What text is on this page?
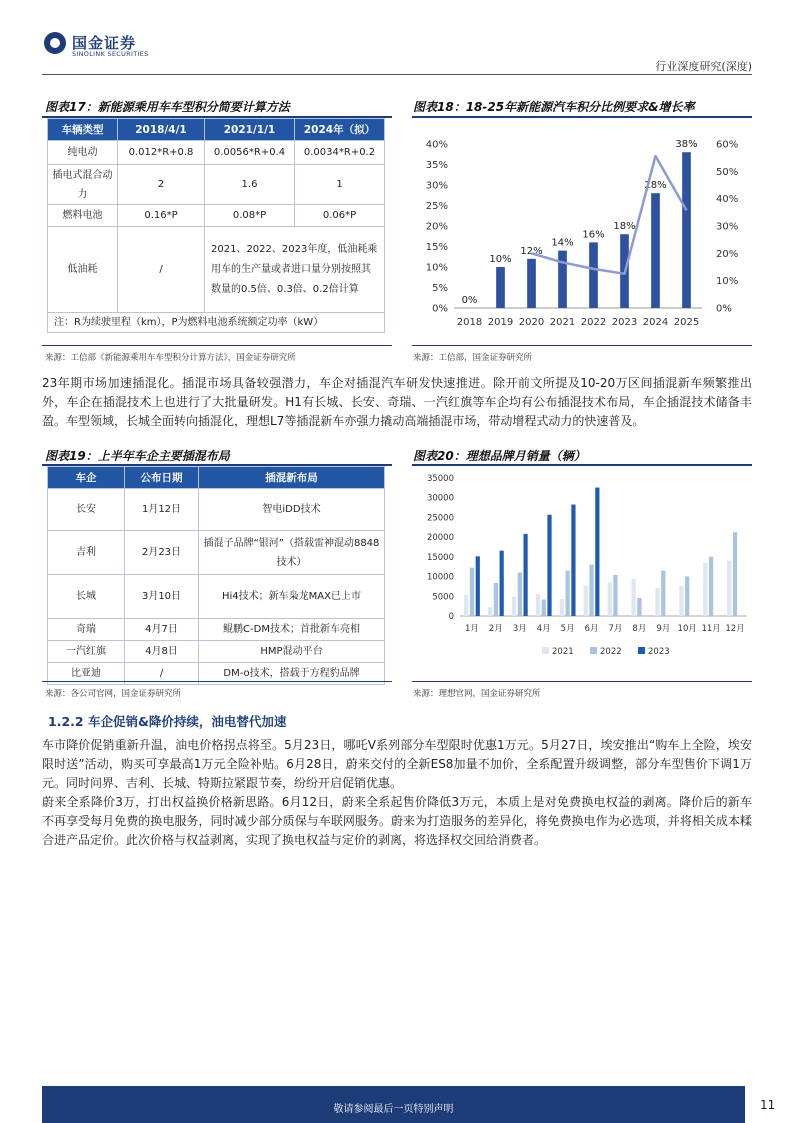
国金证券
SINOLINK SECURITIES
行业深度研究(深度)
图表17：新能源乘用车车型积分简要计算方法
车辆类型	2018/4/1	2021/1/1	2024年（拟）
纯电动	0.012*R+0.8	0.0056*R+0.4	0.0034*R+0.2
插电式混合动力	2	1.6	1
燃料电池	0.16*P	0.08*P	0.06*P
低油耗	/	2021、2022、2023年度，低油耗乘用车的生产量或者进口量分别按照其数量的0.5倍、0.3倍、0.2倍计算	
注：R为续驶里程（km），P为燃料电池系统额定功率（kW）			
图表18：18-25年新能源汽车积分比例要求&增长率
0%
5%
10%
15%
20%
25%
30%
35%
40%
0%
10%
20%
30%
40%
50%
60%
0%
10%
12%
14%
16%
18%
28%
38%
2018 2019 2020 2021 2022 2023 2024 2025
来源：工信部《新能源乘用车车型积分计算方法》，国金证券研究所	来源：工信部，国金证券研究所
23年期市场加速插混化。插混市场具备较强潜力，车企对插混汽车研发快速推进。除开前文所提及10-20万区间插混新车频繁推出外，车企在插混技术上也进行了大批量研发。H1有长城、长安、奇瑞、一汽红旗等车企均有公布插混技术布局，车企插混技术储备丰盈。车型领域，长城全面转向插混化，理想L7等插混新车亦强力撬动高端插混市场，带动增程式动力的快速普及。
图表19：上半年车企主要插混布局
车企	公布日期	插混新布局
长安	1月12日	智电iDD技术
吉利	2月23日	插混子品牌“银河”（搭载雷神混动8848技术）
长城	3月10日	Hi4技术；新车枭龙MAX已上市
奇瑞	4月7日	鲲鹏C-DM技术；首批新车亮相
一汽红旗	4月8日	HMP混动平台
比亚迪	/	DM-o技术，搭载于方程豹品牌
图表20：理想品牌月销量（辆）
0
5000
10000
15000
20000
25000
30000
35000
1月 2月 3月 4月 5月 6月 7月 8月 9月 10月 11月 12月
2021	2022	2023
来源：各公司官网，国金证券研究所	来源：理想官网，国金证券研究所
1.2.2 车企促销&降价持续，油电替代加速
车市降价促销重新升温，油电价格拐点将至。5月23日，哪吒V系列部分车型限时优惠1万元。5月27日，埃安推出“购车上全险，埃安限时送”活动，购买可享最高1万元全险补贴。6月28日，蔚来交付的全新ES8加量不加价，全系配置升级调整，部分车型售价下调1万元。同时问界、吉利、长城、特斯拉紧跟节奏，纷纷开启促销优惠。
蔚来全系降价3万，打出权益换价格新思路。6月12日，蔚来全系起售价降低3万元，本质上是对免费换电权益的剥离。降价后的新车不再享受每月免费的换电服务，同时减少部分质保与车联网服务。蔚来为打造服务的差异化，将免费换电作为必选项，并将相关成本糅合进产品定价。此次价格与权益剥离，实现了换电权益与定价的剥离，将选择权交回给消费者。
敬请参阅最后一页特别声明	11
